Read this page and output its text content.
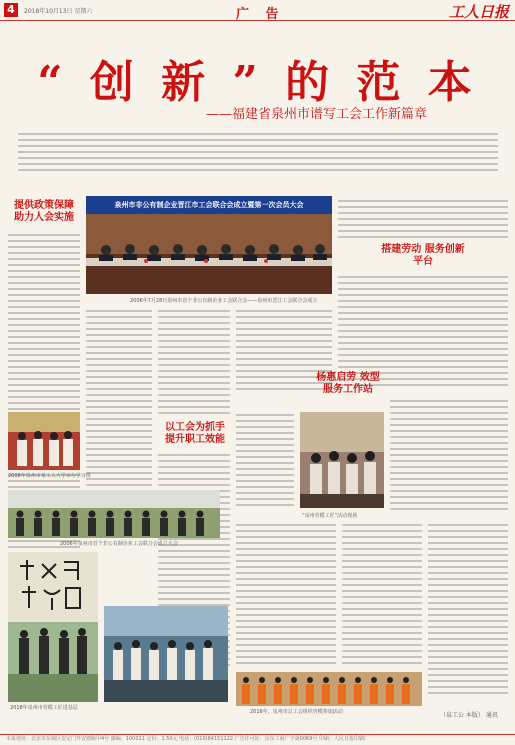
4	2018年10月13日 星期六	广 告	工人日报
“ 创 新 ” 的 范 本
——福建省泉州市谱写工会工作新篇章
提供政策保障 助力人会实施
泉州市非公有制企业晋江市工会联合会成立暨第一次会员大会
2006年7月28日泉州市首个非公有制企业工会联合会——泉州市晋江工会联合会成立
以工会为抓手 提升职工效能
搭建劳动 服务创新平台
杨惠启劳 效型服务工作站
“泉州劳模工匠”活动现场
2008年泉州市某工人大学举办学习班
2006年泉州市首个非公有制企业工会联合会成立大会
2018年泉州市劳模工匠进基层
2016年，泉州市总工会组织劳模参加活动	（泉工公 本版） 通讯
本报地址：北京市东城区安定门外安德路甲4号 邮编：100011 定价：1.50元 电话：(010)84151122 广告许可证：京东工商广字第0069号 印刷：人民日报印刷厂
